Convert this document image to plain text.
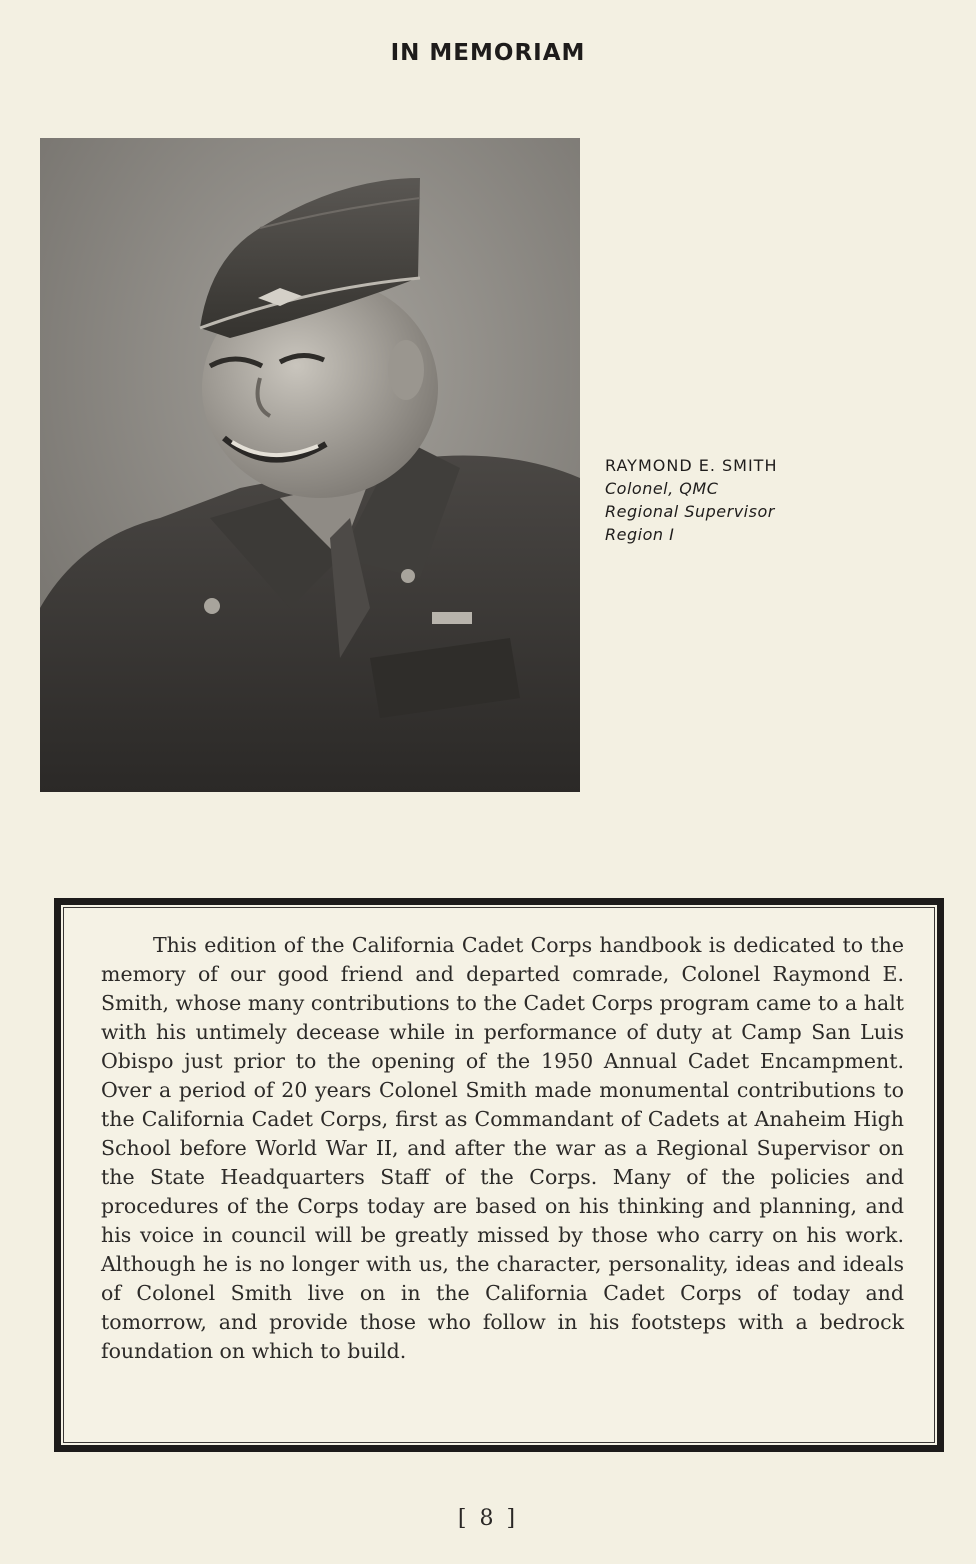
IN MEMORIAM
RAYMOND E. SMITH
Colonel, QMC
Regional Supervisor
Region I

This edition of the California Cadet Corps handbook is dedicated to the memory of our good friend and departed comrade, Colonel Raymond E. Smith, whose many contributions to the Cadet Corps program came to a halt with his untimely decease while in performance of duty at Camp San Luis Obispo just prior to the opening of the 1950 Annual Cadet Encampment. Over a period of 20 years Colonel Smith made monumental contributions to the California Cadet Corps, first as Commandant of Cadets at Anaheim High School before World War II, and after the war as a Regional Supervisor on the State Headquarters Staff of the Corps. Many of the policies and procedures of the Corps today are based on his thinking and planning, and his voice in council will be greatly missed by those who carry on his work. Although he is no longer with us, the character, personality, ideas and ideals of Colonel Smith live on in the California Cadet Corps of today and tomorrow, and provide those who follow in his footsteps with a bedrock foundation on which to build.

[ 8 ]
